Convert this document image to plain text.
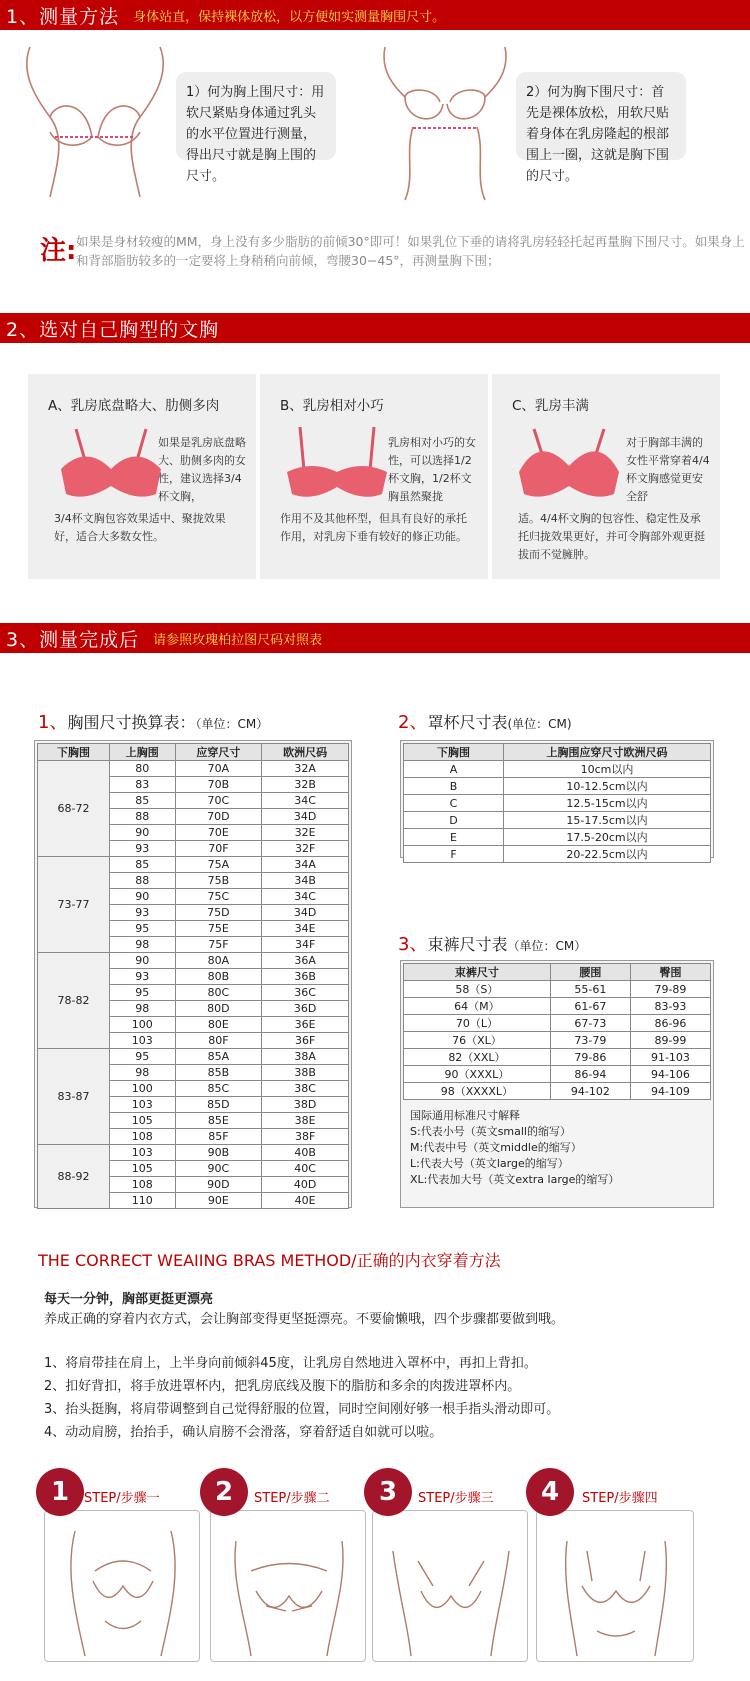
1、测量方法 身体站直，保持裸体放松，以方便如实测量胸围尺寸。
1）何为胸上围尺寸：用软尺紧贴身体通过乳头的水平位置进行测量，得出尺寸就是胸上围的尺寸。
2）何为胸下围尺寸：首先是裸体放松，用软尺贴着身体在乳房隆起的根部围上一圈，这就是胸下围的尺寸。
注: 如果是身材较瘦的MM，身上没有多少脂肪的前倾30°即可！如果乳位下垂的请将乳房轻轻托起再量胸下围尺寸。如果身上和背部脂肪较多的一定要将上身稍稍向前倾，弯腰30−45°，再测量胸下围；
2、选对自己胸型的文胸
A、乳房底盘略大、肋侧多肉
如果是乳房底盘略大、肋侧多肉的女性，建议选择3/4杯文胸，
3/4杯文胸包容效果适中、聚拢效果好，适合大多数女性。
B、乳房相对小巧
乳房相对小巧的女性，可以选择1/2杯文胸，1/2杯文胸虽然聚拢
作用不及其他杯型，但具有良好的承托作用，对乳房下垂有较好的修正功能。
C、乳房丰满
对于胸部丰满的女性平常穿着4/4杯文胸感觉更安全舒
适。4/4杯文胸的包容性、稳定性及承托归拢效果更好，并可令胸部外观更挺拔而不觉臃肿。
3、测量完成后 请参照玫瑰柏拉图尺码对照表
1、胸围尺寸换算表：（单位：CM）
下胸围	上胸围	应穿尺寸	欧洲尺码
68-72	80	70A	32A
	83	70B	32B
	85	70C	34C
	88	70D	34D
	90	70E	32E
	93	70F	32F
73-77	85	75A	34A
	88	75B	34B
	90	75C	34C
	93	75D	34D
	95	75E	34E
	98	75F	34F
78-82	90	80A	36A
	93	80B	36B
	95	80C	36C
	98	80D	36D
	100	80E	36E
	103	80F	36F
83-87	95	85A	38A
	98	85B	38B
	100	85C	38C
	103	85D	38D
	105	85E	38E
	108	85F	38F
88-92	103	90B	40B
	105	90C	40C
	108	90D	40D
	110	90E	40E
2、罩杯尺寸表(单位：CM)
下胸围	上胸围应穿尺寸欧洲尺码
A	10cm以内
B	10-12.5cm以内
C	12.5-15cm以内
D	15-17.5cm以内
E	17.5-20cm以内
F	20-22.5cm以内
3、束裤尺寸表（单位：CM）
束裤尺寸	腰围	臀围
58（S）	55-61	79-89
64（M）	61-67	83-93
70（L）	67-73	86-96
76（XL）	73-79	89-99
82（XXL）	79-86	91-103
90（XXXL）	86-94	94-106
98（XXXXL）	94-102	94-109
国际通用标准尺寸解释
S:代表小号（英文small的缩写）
M:代表中号（英文middle的缩写）
L:代表大号（英文large的缩写）
XL:代表加大号（英文extra large的缩写）
THE CORRECT WEAIING BRAS METHOD/正确的内衣穿着方法
每天一分钟，胸部更挺更漂亮
养成正确的穿着内衣方式，会让胸部变得更坚挺漂亮。不要偷懒哦，四个步骤都要做到哦。
1、将肩带挂在肩上，上半身向前倾斜45度，让乳房自然地进入罩杯中，再扣上背扣。
2、扣好背扣，将手放进罩杯内，把乳房底线及腹下的脂肪和多余的肉拨进罩杯内。
3、抬头挺胸，将肩带调整到自己觉得舒服的位置，同时空间刚好够一根手指头滑动即可。
4、动动肩膀，抬抬手，确认肩膀不会滑落，穿着舒适自如就可以啦。
1	STEP/步骤一	2	STEP/步骤二	3	STEP/步骤三	4	STEP/步骤四
